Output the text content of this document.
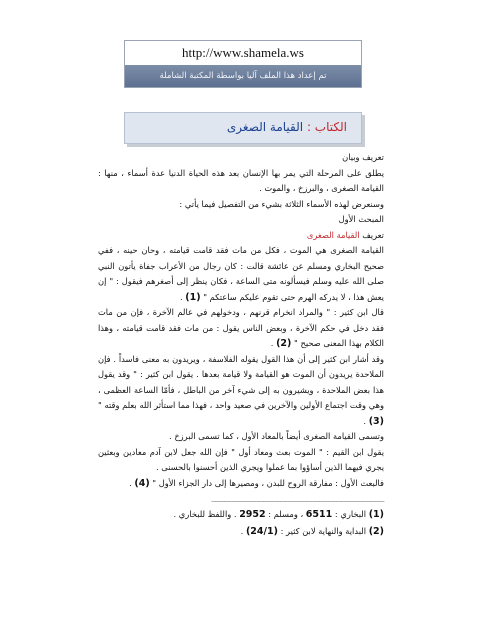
http://www.shamela.ws
تم إعداد هذا الملف آليا بواسطة المكتبة الشاملة
الكتاب : القيامة الصغرى

تعريف وبيان

يطلق على المرحلة التي يمر بها الإنسان بعد هذه الحياة الدنيا عدة أسماء ، منها : القيامة الصغرى ، والبرزخ ، والموت .

وسنعرض لهذه الأسماء الثلاثة بشيء من التفصيل فيما يأتي :

المبحث الأول

تعريف القيامة الصغرى

القيامة الصغرى هي الموت ، فكل من مات فقد قامت قيامته ، وحان حينه ، ففي صحيح البخاري ومسلم عن عائشة قالت : كان رجال من الأعراب جفاة يأتون النبي صلى الله عليه وسلم فيسألونه متى الساعة ، فكان ينظر إلى أصغرهم فيقول : " إن يعش هذا ، لا يدركه الهرم حتى تقوم عليكم ساعتكم " (1) .

قال ابن كثير : " والمراد انخرام قرنهم ، ودخولهم في عالم الآخرة ، فإن من مات فقد دخل في حكم الآخرة ، وبعض الناس يقول : من مات فقد قامت قيامته ، وهذا الكلام بهذا المعنى صحيح " (2) .

وقد أشار ابن كثير إلى أن هذا القول يقوله الفلاسفة ، ويريدون به معنى فاسداً . فإن الملاحدة يريدون أن الموت هو القيامة ولا قيامة بعدها . يقول ابن كثير : " وقد يقول هذا بعض الملاحدة ، ويشيرون به إلى شيء آخر من الباطل ، فأمّا الساعة العظمى ، وهي وقت اجتماع الأولين والآخرين في صعيد واحد ، فهذا مما استأثر الله بعلم وقته " (3) .

وتسمى القيامة الصغرى أيضاً بالمعاد الأول ، كما تسمى البرزخ .

يقول ابن القيم : " الموت بعث ومعاد أول " فإن الله جعل لابن آدم معادين وبعثين يجري فيهما الذين أساؤوا بما عملوا ويجري الذين أحسنوا بالحسنى .

فالبعث الأول : مفارقة الروح للبدن ، ومصيرها إلى دار الجزاء الأول " (4) .

________________________________________

(1) البخاري : 6511 ، ومسلم : 2952 . واللفظ للبخاري .

(2) البداية والنهاية لابن كثير : (24/1) .
